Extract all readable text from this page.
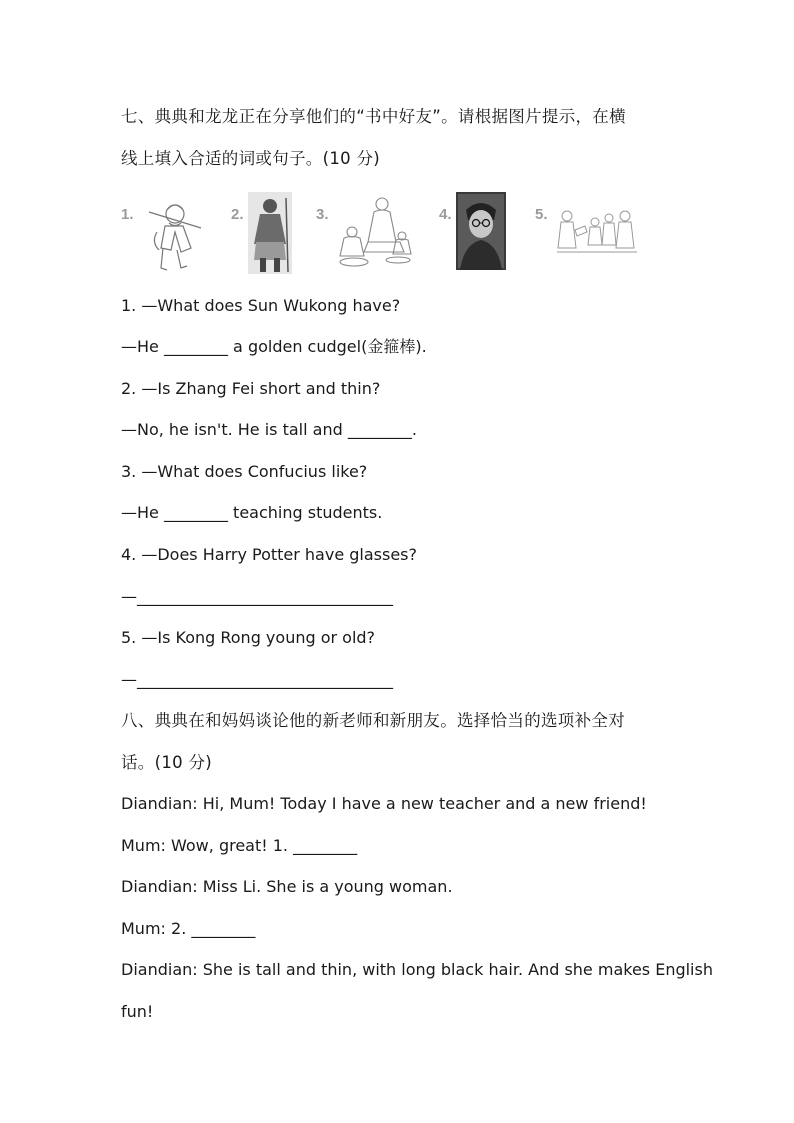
七、典典和龙龙正在分享他们的“书中好友”。请根据图片提示，在横
线上填入合适的词或句子。(10 分)
1.	2.	3.	4.	5.
1. —What does Sun Wukong have?
—He ________ a golden cudgel(金箍棒).
2. —Is Zhang Fei short and thin?
—No, he isn't. He is tall and ________.
3. —What does Confucius like?
—He ________ teaching students.
4. —Does Harry Potter have glasses?
—________________________________
5. —Is Kong Rong young or old?
—________________________________
八、典典在和妈妈谈论他的新老师和新朋友。选择恰当的选项补全对
话。(10 分)
Diandian: Hi, Mum! Today I have a new teacher and a new friend!
Mum: Wow, great! 1. ________
Diandian: Miss Li. She is a young woman.
Mum: 2. ________
Diandian: She is tall and thin, with long black hair. And she makes English
fun!
